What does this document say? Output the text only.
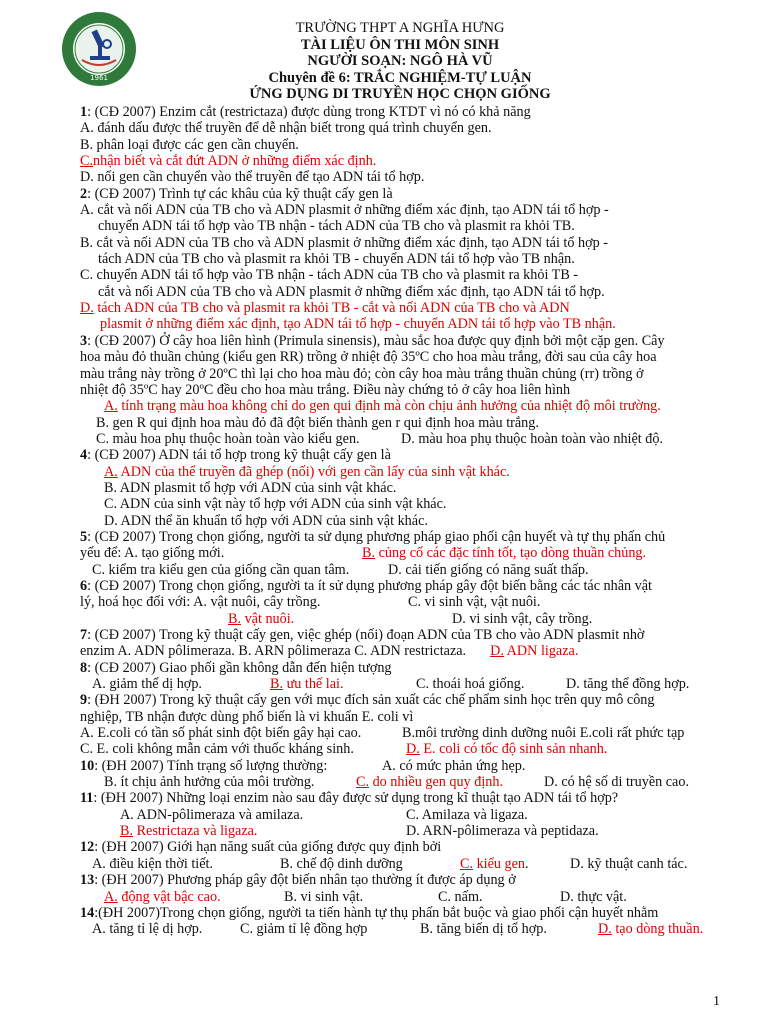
1961
TRƯỜNG THPT A NGHĨA HƯNG
TÀI LIỆU ÔN THI MÔN SINH
NGƯỜI SOẠN: NGÔ HÀ VŨ
Chuyên đề 6: TRẮC NGHIỆM-TỰ LUẬN
ỨNG DỤNG DI TRUYỀN HỌC CHỌN GIỐNG
1: (CĐ 2007) Enzim cắt (restrictaza) được dùng trong KTDT vì nó có khả năng
A. đánh dấu được thể truyền để dễ nhận biết trong quá trình chuyển gen.
B. phân loại được các gen cần chuyển.
C.nhận biết và cắt đứt ADN ở những điểm xác định.
D. nối gen cần chuyển vào thể truyền để tạo ADN tái tổ hợp.
2: (CĐ 2007) Trình tự các khâu của kỹ thuật cấy gen là
A. cắt và nối ADN của TB cho và ADN plasmit ở những điểm xác định, tạo ADN tái tổ hợp -
chuyển ADN tái tổ hợp vào TB nhận - tách ADN của TB cho và plasmit ra khỏi TB.
B. cắt và nối ADN của TB cho và ADN plasmit ở những điểm xác định, tạo ADN tái tổ hợp -
tách ADN của TB cho và plasmit ra khỏi TB - chuyển ADN tái tổ hợp vào TB nhận.
C. chuyển ADN tái tổ hợp vào TB nhận - tách ADN của TB cho và plasmit ra khỏi TB -
cắt và nối ADN của TB cho và ADN plasmit ở những điểm xác định, tạo ADN tái tổ hợp.
D. tách ADN của TB cho và plasmit ra khỏi TB - cắt và nối ADN của TB cho và ADN
plasmit ở những điểm xác định, tạo ADN tái tổ hợp - chuyển ADN tái tổ hợp vào TB nhận.
3: (CĐ 2007) Ở cây hoa liên hình (Primula sinensis), màu sắc hoa được quy định bởi một cặp gen. Cây
hoa màu đỏ thuần chủng (kiểu gen RR) trồng ở nhiệt độ 35ºC cho hoa màu trắng, đời sau của cây hoa
màu trắng này trồng ở 20ºC thì lại cho hoa màu đỏ; còn cây hoa màu trắng thuần chủng (rr) trồng ở
nhiệt độ 35ºC hay 20ºC đều cho hoa màu trắng. Điều này chứng tỏ ở cây hoa liên hình
A. tính trạng màu hoa không chỉ do gen qui định mà còn chịu ảnh hưởng của nhiệt độ môi trường.
B. gen R qui định hoa màu đỏ đã đột biến thành gen r qui định hoa màu trắng.
C. màu hoa phụ thuộc hoàn toàn vào kiểu gen.	D. màu hoa phụ thuộc hoàn toàn vào nhiệt độ.
4: (CĐ 2007) ADN tái tổ hợp trong kỹ thuật cấy gen là
A. ADN của thể truyền đã ghép (nối) với gen cần lấy của sinh vật khác.
B. ADN plasmit tổ hợp với ADN của sinh vật khác.
C. ADN của sinh vật này tổ hợp với ADN của sinh vật khác.
D. ADN thể ăn khuẩn tổ hợp với ADN của sinh vật khác.
5: (CĐ 2007) Trong chọn giống, người ta sử dụng phương pháp giao phối cận huyết và tự thụ phấn chủ
yếu để: A. tạo giống mới.	B. củng cố các đặc tính tốt, tạo dòng thuần chủng.
C. kiểm tra kiểu gen của giống cần quan tâm.	D. cải tiến giống có năng suất thấp.
6: (CĐ 2007) Trong chọn giống, người ta ít sử dụng phương pháp gây đột biến bằng các tác nhân vật
lý, hoá học đối với: A. vật nuôi, cây trồng.	C. vi sinh vật, vật nuôi.
B. vật nuôi.	D. vi sinh vật, cây trồng.
7: (CĐ 2007) Trong kỹ thuật cấy gen, việc ghép (nối) đoạn ADN của TB cho vào ADN plasmit nhờ
enzim A. ADN pôlimeraza. B. ARN pôlimeraza C. ADN restrictaza. D. ADN ligaza.
8: (CĐ 2007) Giao phối gần không dẫn đến hiện tượng
A. giảm thể dị hợp.	B. ưu thế lai.	C. thoái hoá giống.	D. tăng thể đồng hợp.
9: (ĐH 2007) Trong kỹ thuật cấy gen với mục đích sản xuất các chế phẩm sinh học trên quy mô công
nghiệp, TB nhận được dùng phổ biến là vi khuẩn E. coli vì
A. E.coli có tần số phát sinh đột biến gây hại cao.	B.môi trường dinh dưỡng nuôi E.coli rất phức tạp
C. E. coli không mẫn cảm với thuốc kháng sinh.	D. E. coli có tốc độ sinh sản nhanh.
10: (ĐH 2007) Tính trạng số lượng thường:	A. có mức phản ứng hẹp.
B. ít chịu ảnh hưởng của môi trường.	C. do nhiều gen quy định.	D. có hệ số di truyền cao.
11: (ĐH 2007) Những loại enzim nào sau đây được sử dụng trong kĩ thuật tạo ADN tái tổ hợp?
A. ADN-pôlimeraza và amilaza.	C. Amilaza và ligaza.
B. Restrictaza và ligaza.	D. ARN-pôlimeraza và peptidaza.
12: (ĐH 2007) Giới hạn năng suất của giống được quy định bởi
A. điều kiện thời tiết.	B. chế độ dinh dưỡng	C. kiểu gen.	D. kỹ thuật canh tác.
13: (ĐH 2007) Phương pháp gây đột biến nhân tạo thường ít được áp dụng ở
A. động vật bậc cao.	B. vi sinh vật.	C. nấm.	D. thực vật.
14:(ĐH 2007)Trong chọn giống, người ta tiến hành tự thụ phấn bắt buộc và giao phối cận huyết nhằm
A. tăng tỉ lệ dị hợp.	C. giảm tỉ lệ đồng hợp	B. tăng biến dị tổ hợp.	D. tạo dòng thuần.
1
